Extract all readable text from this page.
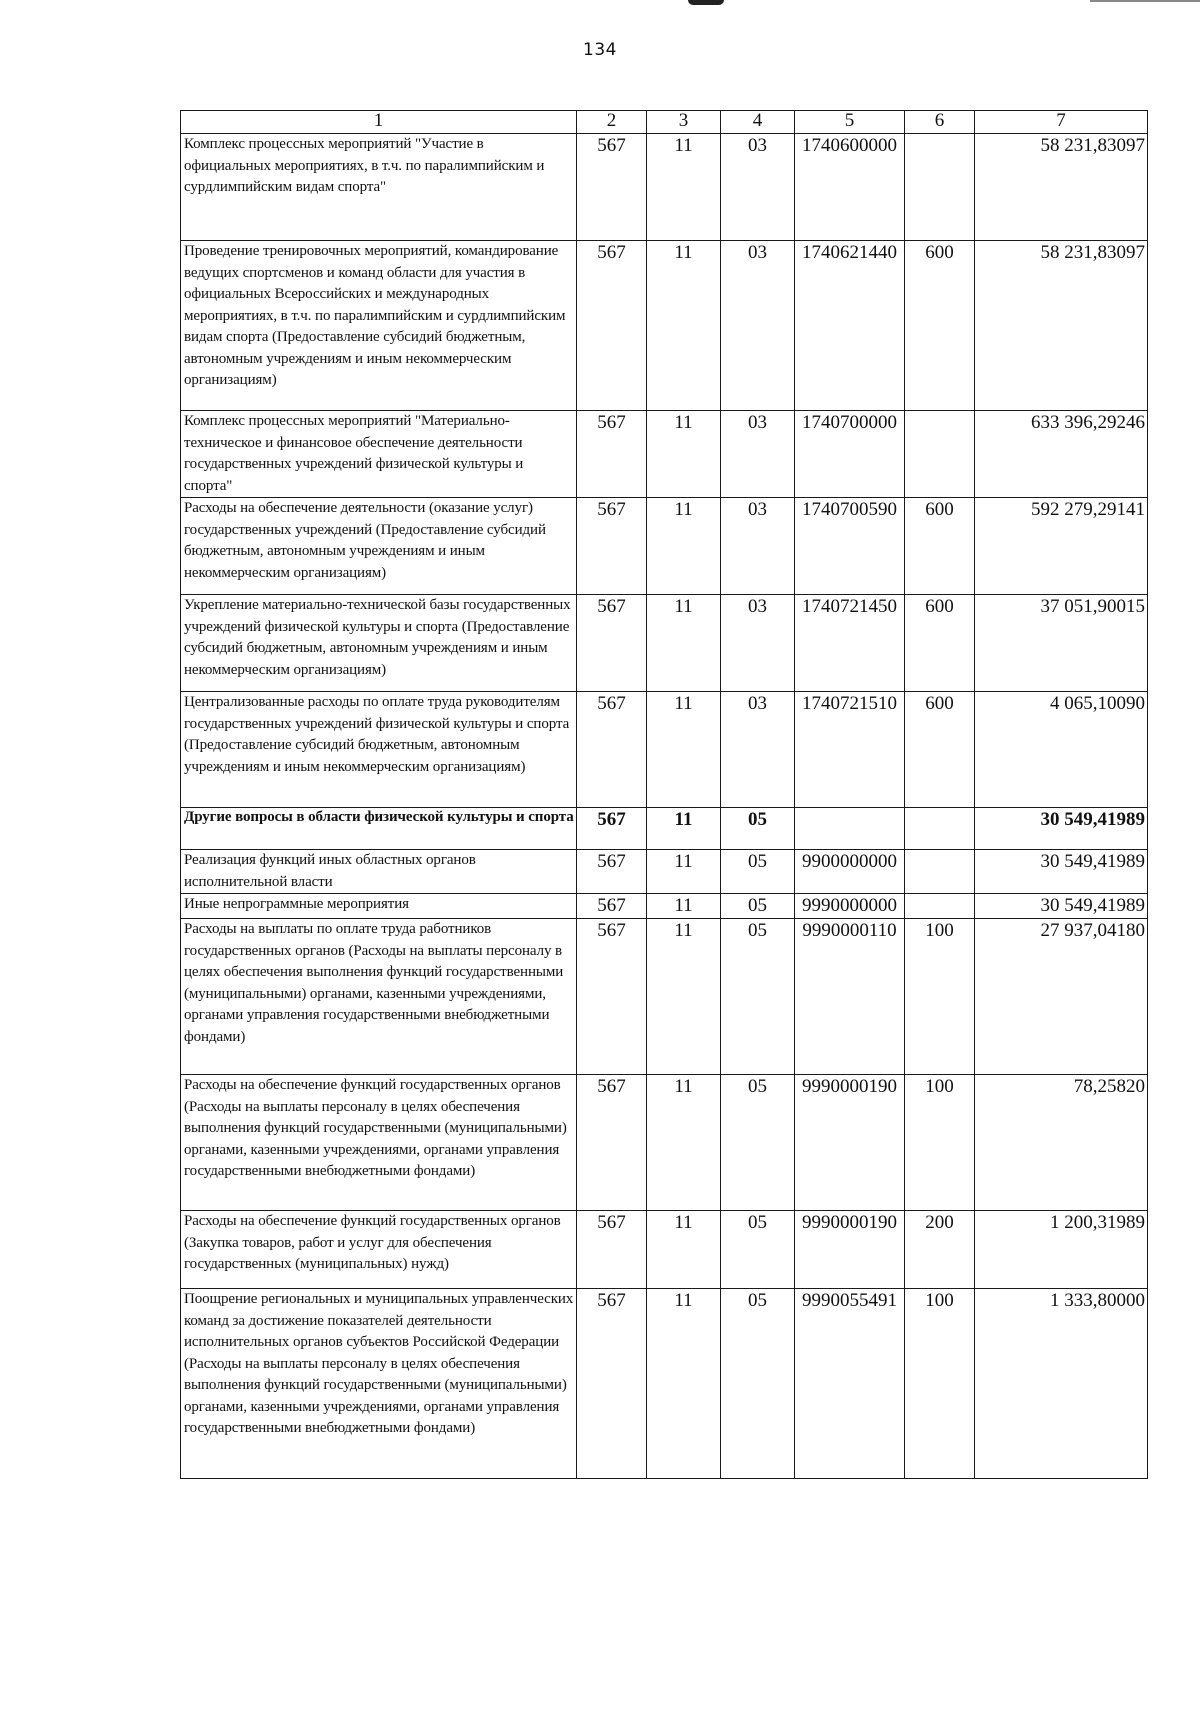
134
1	2	3	4	5	6	7
Комплекс процессных мероприятий "Участие в официальных мероприятиях, в т.ч. по паралимпийским и сурдлимпийским видам спорта"	567	11	03	1740600000		58 231,83097
Проведение тренировочных мероприятий, командирование ведущих спортсменов и команд области для участия в официальных Всероссийских и международных мероприятиях, в т.ч. по паралимпийским и сурдлимпийским видам спорта (Предоставление субсидий бюджетным, автономным учреждениям и иным некоммерческим организациям)	567	11	03	1740621440	600	58 231,83097
Комплекс процессных мероприятий "Материально-техническое и финансовое обеспечение деятельности государственных учреждений физической культуры и спорта"	567	11	03	1740700000		633 396,29246
Расходы на обеспечение деятельности (оказание услуг) государственных учреждений (Предоставление субсидий бюджетным, автономным учреждениям и иным некоммерческим организациям)	567	11	03	1740700590	600	592 279,29141
Укрепление материально-технической базы государственных учреждений физической культуры и спорта (Предоставление субсидий бюджетным, автономным учреждениям и иным некоммерческим организациям)	567	11	03	1740721450	600	37 051,90015
Централизованные расходы по оплате труда руководителям государственных учреждений физической культуры и спорта (Предоставление субсидий бюджетным, автономным учреждениям и иным некоммерческим организациям)	567	11	03	1740721510	600	4 065,10090
Другие вопросы в области физической культуры и спорта	567	11	05			30 549,41989
Реализация функций иных областных органов исполнительной власти	567	11	05	9900000000		30 549,41989
Иные непрограммные мероприятия	567	11	05	9990000000		30 549,41989
Расходы на выплаты по оплате труда работников государственных органов (Расходы на выплаты персоналу в целях обеспечения выполнения функций государственными (муниципальными) органами, казенными учреждениями, органами управления государственными внебюджетными фондами)	567	11	05	9990000110	100	27 937,04180
Расходы на обеспечение функций государственных органов (Расходы на выплаты персоналу в целях обеспечения выполнения функций государственными (муниципальными) органами, казенными учреждениями, органами управления государственными внебюджетными фондами)	567	11	05	9990000190	100	78,25820
Расходы на обеспечение функций государственных органов (Закупка товаров, работ и услуг для обеспечения государственных (муниципальных) нужд)	567	11	05	9990000190	200	1 200,31989
Поощрение региональных и муниципальных управленческих команд за достижение показателей деятельности исполнительных органов субъектов Российской Федерации (Расходы на выплаты персоналу в целях обеспечения выполнения функций государственными (муниципальными) органами, казенными учреждениями, органами управления государственными внебюджетными фондами)	567	11	05	9990055491	100	1 333,80000
